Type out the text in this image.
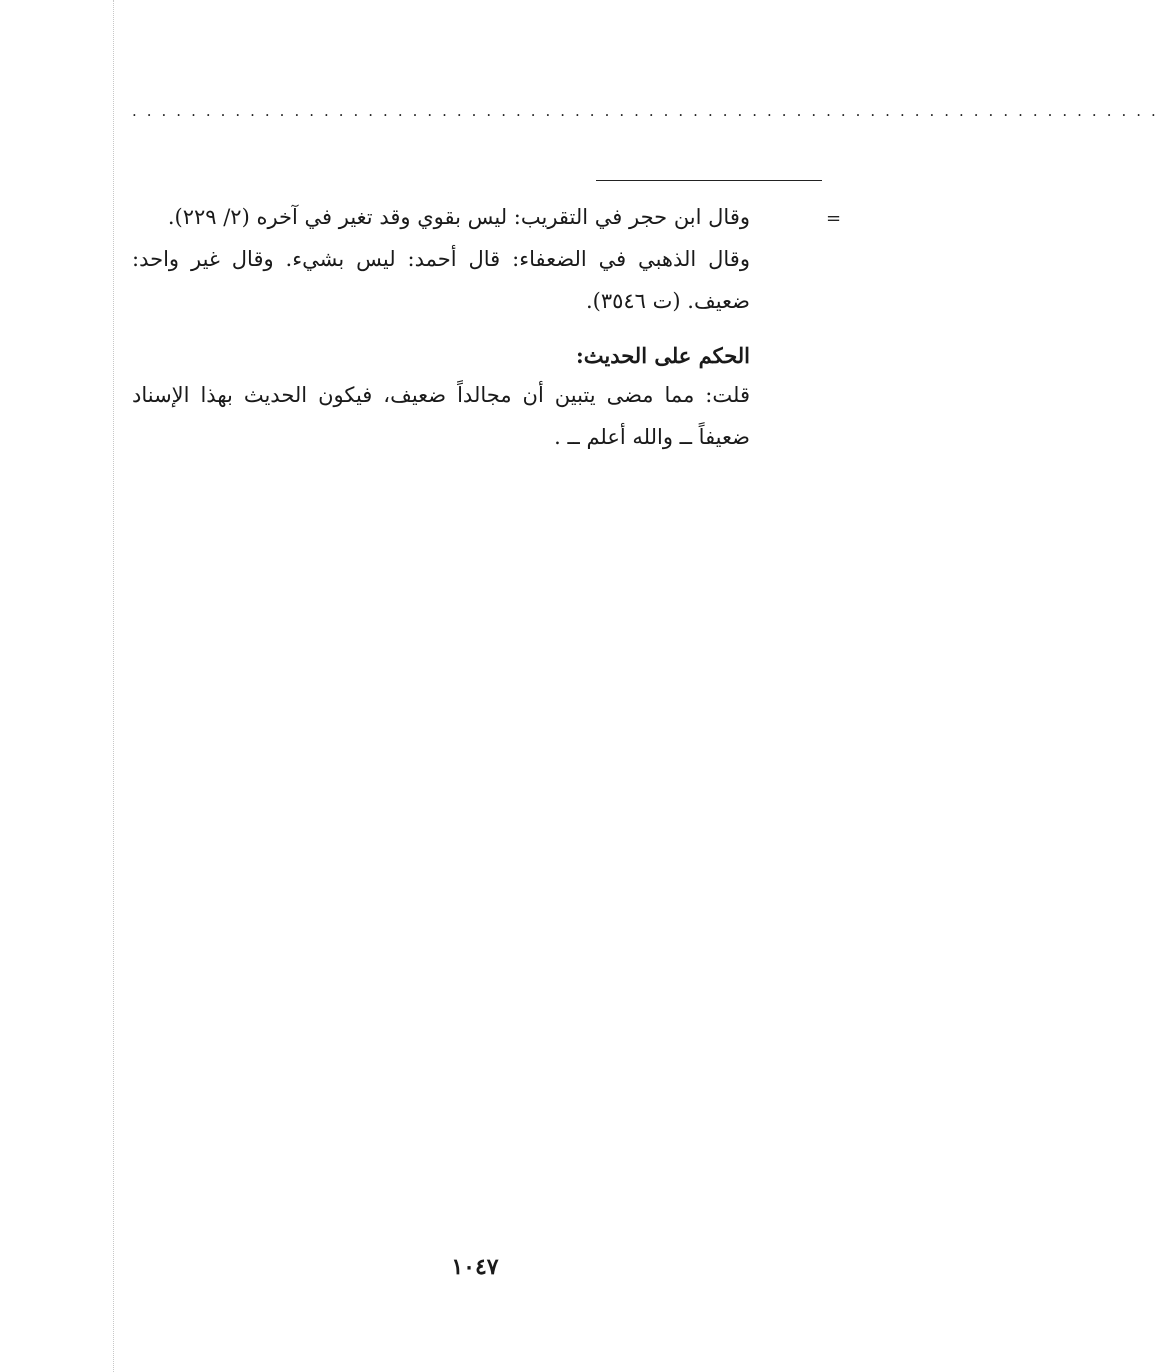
······································································
=

وقال ابن حجر في التقريب: ليس بقوي وقد تغير في آخره (٢/ ٢٢٩).

وقال الذهبي في الضعفاء: قال أحمد: ليس بشيء. وقال غير واحد: ضعيف. (ت ٣٥٤٦).

الحكم على الحديث:

قلت: مما مضى يتبين أن مجالداً ضعيف، فيكون الحديث بهذا الإسناد ضعيفاً ــ والله أعلم ــ .

١٠٤٧
